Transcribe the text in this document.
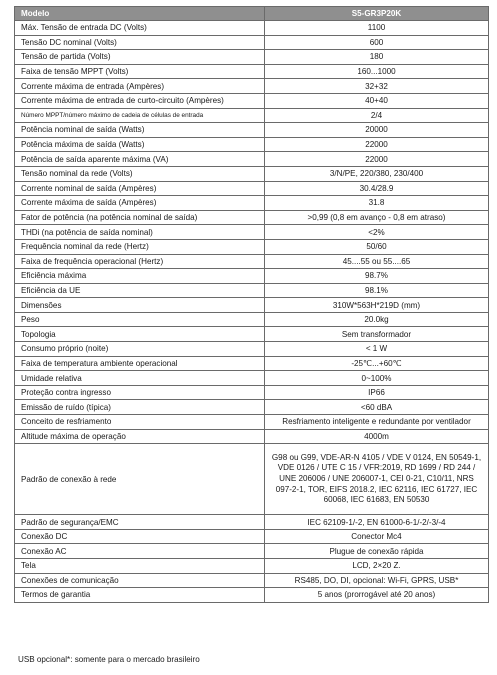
Modelo	S5-GR3P20K
Máx. Tensão de entrada DC (Volts)	1100
Tensão DC nominal (Volts)	600
Tensão de partida (Volts)	180
Faixa de tensão MPPT (Volts)	160...1000
Corrente máxima de entrada (Ampères)	32+32
Corrente máxima de entrada de curto-circuito (Ampères)	40+40
Número MPPT/número máximo de cadeia de células de entrada	2/4
Potência nominal de saída (Watts)	20000
Potência máxima de saída (Watts)	22000
Potência de saída aparente máxima (VA)	22000
Tensão nominal da rede (Volts)	3/N/PE, 220/380, 230/400
Corrente nominal de saída (Ampères)	30.4/28.9
Corrente máxima de saída (Ampères)	31.8
Fator de potência (na potência nominal de saída)	>0,99 (0,8 em avanço - 0,8 em atraso)
THDi (na potência de saída nominal)	<2%
Frequência nominal da rede (Hertz)	50/60
Faixa de frequência operacional (Hertz)	45....55 ou 55....65
Eficiência máxima	98.7%
Eficiência da UE	98.1%
Dimensões	310W*563H*219D (mm)
Peso	20.0kg
Topologia	Sem transformador
Consumo próprio (noite)	< 1 W
Faixa de temperatura ambiente operacional	-25℃...+60℃
Umidade relativa	0~100%
Proteção contra ingresso	IP66
Emissão de ruído (típica)	<60 dBA
Conceito de resfriamento	Resfriamento inteligente e redundante por ventilador
Altitude máxima de operação	4000m
Padrão de conexão à rede	G98 ou G99, VDE-AR-N 4105 / VDE V 0124, EN 50549-1, VDE 0126 / UTE C 15 / VFR:2019, RD 1699 / RD 244 / UNE 206006 / UNE 206007-1, CEI 0-21, C10/11, NRS 097-2-1, TOR, EIFS 2018.2, IEC 62116, IEC 61727, IEC 60068, IEC 61683, EN 50530
Padrão de segurança/EMC	IEC 62109-1/-2, EN 61000-6-1/-2/-3/-4
Conexão DC	Conector Mc4
Conexão AC	Plugue de conexão rápida
Tela	LCD, 2×20 Z.
Conexões de comunicação	RS485, DO, DI, opcional: Wi-Fi, GPRS, USB*
Termos de garantia	5 anos (prorrogável até 20 anos)
USB opcional*: somente para o mercado brasileiro
